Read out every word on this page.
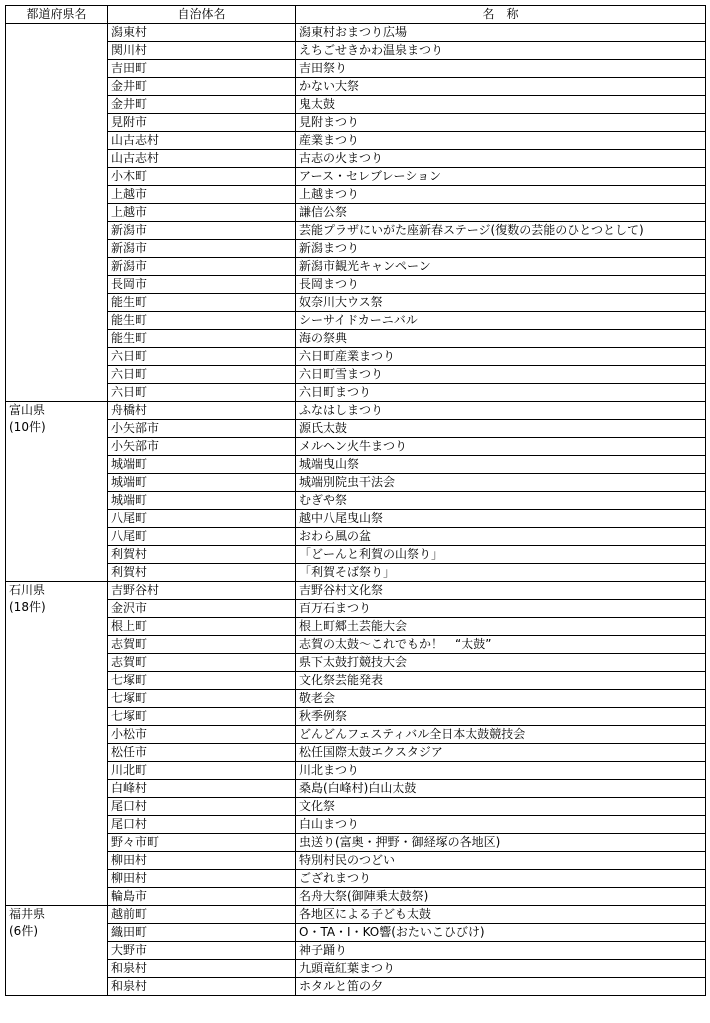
都道府県名	自治体名	名　称

	潟東村	潟東村おまつり広場
	関川村	えちごせきかわ温泉まつり
	吉田町	吉田祭り
	金井町	かない大祭
	金井町	鬼太鼓
	見附市	見附まつり
	山古志村	産業まつり
	山古志村	古志の火まつり
	小木町	アース・セレブレーション
	上越市	上越まつり
	上越市	謙信公祭
	新潟市	芸能プラザにいがた座新春ステージ(復数の芸能のひとつとして)
	新潟市	新潟まつり
	新潟市	新潟市観光キャンペーン
	長岡市	長岡まつり
	能生町	奴奈川大ウス祭
	能生町	シーサイドカーニバル
	能生町	海の祭典
	六日町	六日町産業まつり
	六日町	六日町雪まつり
	六日町	六日町まつり

富山県
(10件)	舟橋村	ふなはしまつり
	小矢部市	源氏太鼓
	小矢部市	メルヘン火牛まつり
	城端町	城端曳山祭
	城端町	城端別院虫干法会
	城端町	むぎや祭
	八尾町	越中八尾曳山祭
	八尾町	おわら風の盆
	利賀村	「どーんと利賀の山祭り」
	利賀村	「利賀そば祭り」

石川県
(18件)	吉野谷村	吉野谷村文化祭
	金沢市	百万石まつり
	根上町	根上町郷土芸能大会
	志賀町	志賀の太鼓～これでもか！　“太鼓”
	志賀町	県下太鼓打競技大会
	七塚町	文化祭芸能発表
	七塚町	敬老会
	七塚町	秋季例祭
	小松市	どんどんフェスティバル全日本太鼓競技会
	松任市	松任国際太鼓エクスタジア
	川北町	川北まつり
	白峰村	桑島(白峰村)白山太鼓
	尾口村	文化祭
	尾口村	白山まつり
	野々市町	虫送り(富奥・押野・御経塚の各地区)
	柳田村	特別村民のつどい
	柳田村	ござれまつり
	輪島市	名舟大祭(御陣乗太鼓祭)

福井県
(6件)	越前町	各地区による子ども太鼓
	織田町	O・TA・I・KO響(おたいこひびけ)
	大野市	神子踊り
	和泉村	九頭竜紅葉まつり
	和泉村	ホタルと笛の夕
